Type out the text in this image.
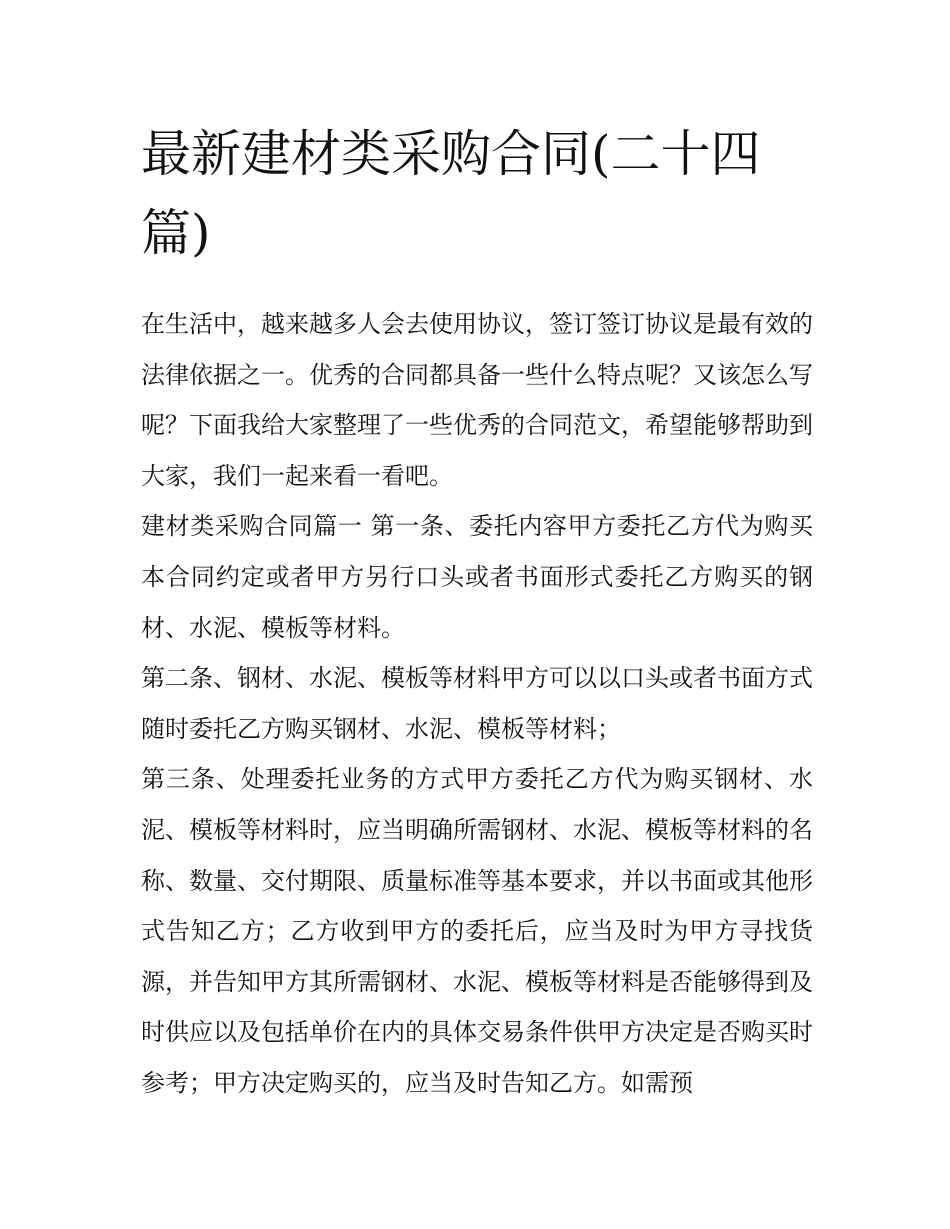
最新建材类采购合同(二十四篇)

在生活中，越来越多人会去使用协议，签订签订协议是最有效的法律依据之一。优秀的合同都具备一些什么特点呢？又该怎么写呢？下面我给大家整理了一些优秀的合同范文，希望能够帮助到大家，我们一起来看一看吧。

建材类采购合同篇一 第一条、委托内容甲方委托乙方代为购买本合同约定或者甲方另行口头或者书面形式委托乙方购买的钢材、水泥、模板等材料。

第二条、钢材、水泥、模板等材料甲方可以以口头或者书面方式随时委托乙方购买钢材、水泥、模板等材料；

第三条、处理委托业务的方式甲方委托乙方代为购买钢材、水泥、模板等材料时，应当明确所需钢材、水泥、模板等材料的名称、数量、交付期限、质量标准等基本要求，并以书面或其他形式告知乙方；乙方收到甲方的委托后，应当及时为甲方寻找货源，并告知甲方其所需钢材、水泥、模板等材料是否能够得到及时供应以及包括单价在内的具体交易条件供甲方决定是否购买时参考；甲方决定购买的，应当及时告知乙方。如需预
